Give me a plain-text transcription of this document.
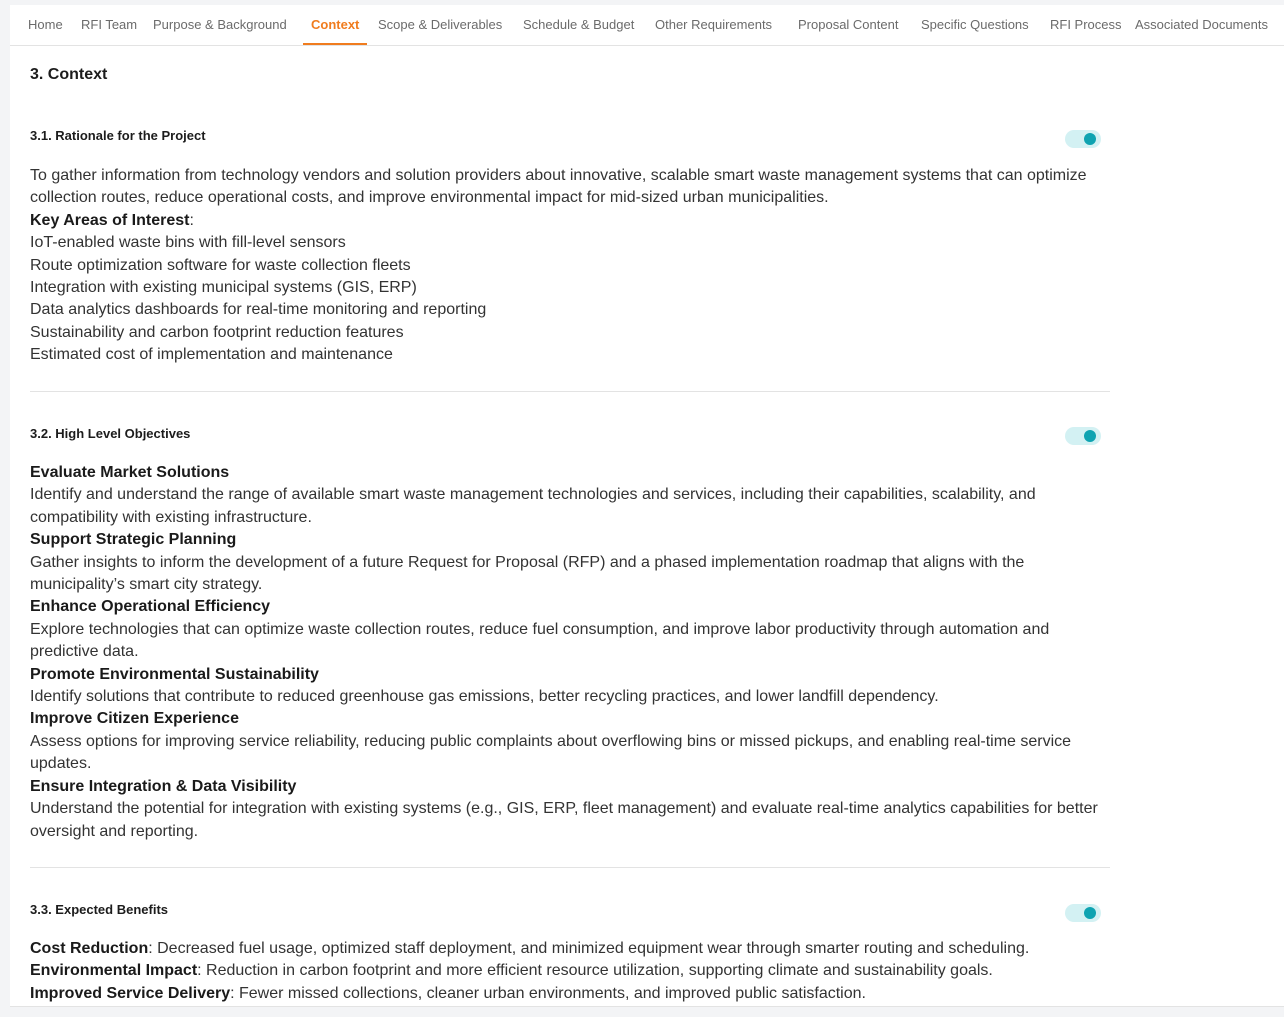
Home RFI Team Purpose & Background Context Scope & Deliverables Schedule & Budget Other Requirements Proposal Content Specific Questions RFI Process Associated Documents
3. Context
3.1. Rationale for the Project

To gather information from technology vendors and solution providers about innovative, scalable smart waste management systems that can optimize collection routes, reduce operational costs, and improve environmental impact for mid-sized urban municipalities.

Key Areas of Interest:

IoT-enabled waste bins with fill-level sensors

Route optimization software for waste collection fleets

Integration with existing municipal systems (GIS, ERP)

Data analytics dashboards for real-time monitoring and reporting

Sustainability and carbon footprint reduction features

Estimated cost of implementation and maintenance

3.2. High Level Objectives

Evaluate Market Solutions

Identify and understand the range of available smart waste management technologies and services, including their capabilities, scalability, and compatibility with existing infrastructure.

Support Strategic Planning

Gather insights to inform the development of a future Request for Proposal (RFP) and a phased implementation roadmap that aligns with the municipality’s smart city strategy.

Enhance Operational Efficiency

Explore technologies that can optimize waste collection routes, reduce fuel consumption, and improve labor productivity through automation and predictive data.

Promote Environmental Sustainability

Identify solutions that contribute to reduced greenhouse gas emissions, better recycling practices, and lower landfill dependency.

Improve Citizen Experience

Assess options for improving service reliability, reducing public complaints about overflowing bins or missed pickups, and enabling real-time service updates.

Ensure Integration & Data Visibility

Understand the potential for integration with existing systems (e.g., GIS, ERP, fleet management) and evaluate real-time analytics capabilities for better oversight and reporting.

3.3. Expected Benefits

Cost Reduction: Decreased fuel usage, optimized staff deployment, and minimized equipment wear through smarter routing and scheduling.

Environmental Impact: Reduction in carbon footprint and more efficient resource utilization, supporting climate and sustainability goals.

Improved Service Delivery: Fewer missed collections, cleaner urban environments, and improved public satisfaction.
